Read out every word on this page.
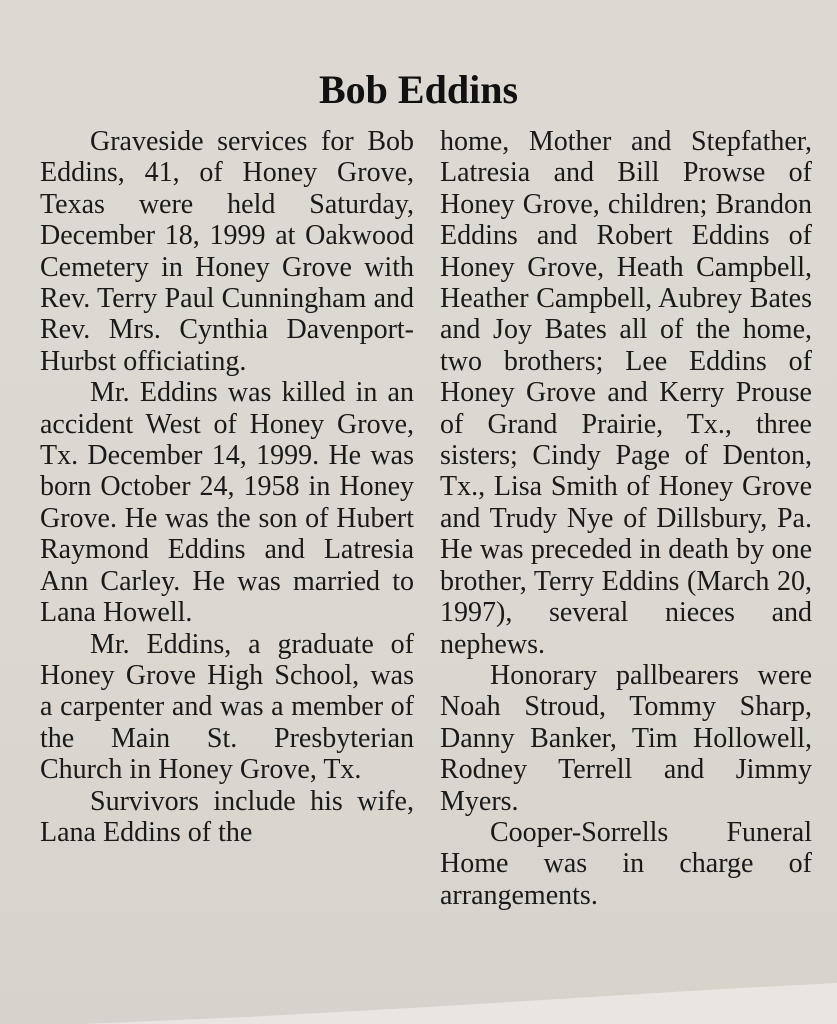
Bob Eddins

Graveside services for Bob Eddins, 41, of Honey Grove, Texas were held Saturday, December 18, 1999 at Oakwood Cemetery in Honey Grove with Rev. Terry Paul Cunningham and Rev. Mrs. Cynthia Davenport-Hurbst officiating.

Mr. Eddins was killed in an accident West of Honey Grove, Tx. December 14, 1999. He was born October 24, 1958 in Honey Grove. He was the son of Hubert Raymond Eddins and Latresia Ann Carley. He was married to Lana Howell.

Mr. Eddins, a graduate of Honey Grove High School, was a carpenter and was a member of the Main St. Presbyterian Church in Honey Grove, Tx.

Survivors include his wife, Lana Eddins of the

home, Mother and Stepfather, Latresia and Bill Prowse of Honey Grove, children; Brandon Eddins and Robert Eddins of Honey Grove, Heath Campbell, Heather Campbell, Aubrey Bates and Joy Bates all of the home, two brothers; Lee Eddins of Honey Grove and Kerry Prouse of Grand Prairie, Tx., three sisters; Cindy Page of Denton, Tx., Lisa Smith of Honey Grove and Trudy Nye of Dillsbury, Pa. He was preceded in death by one brother, Terry Eddins (March 20, 1997), several nieces and nephews.

Honorary pallbearers were Noah Stroud, Tommy Sharp, Danny Banker, Tim Hollowell, Rodney Terrell and Jimmy Myers.

Cooper-Sorrells Funeral Home was in charge of arrangements.
